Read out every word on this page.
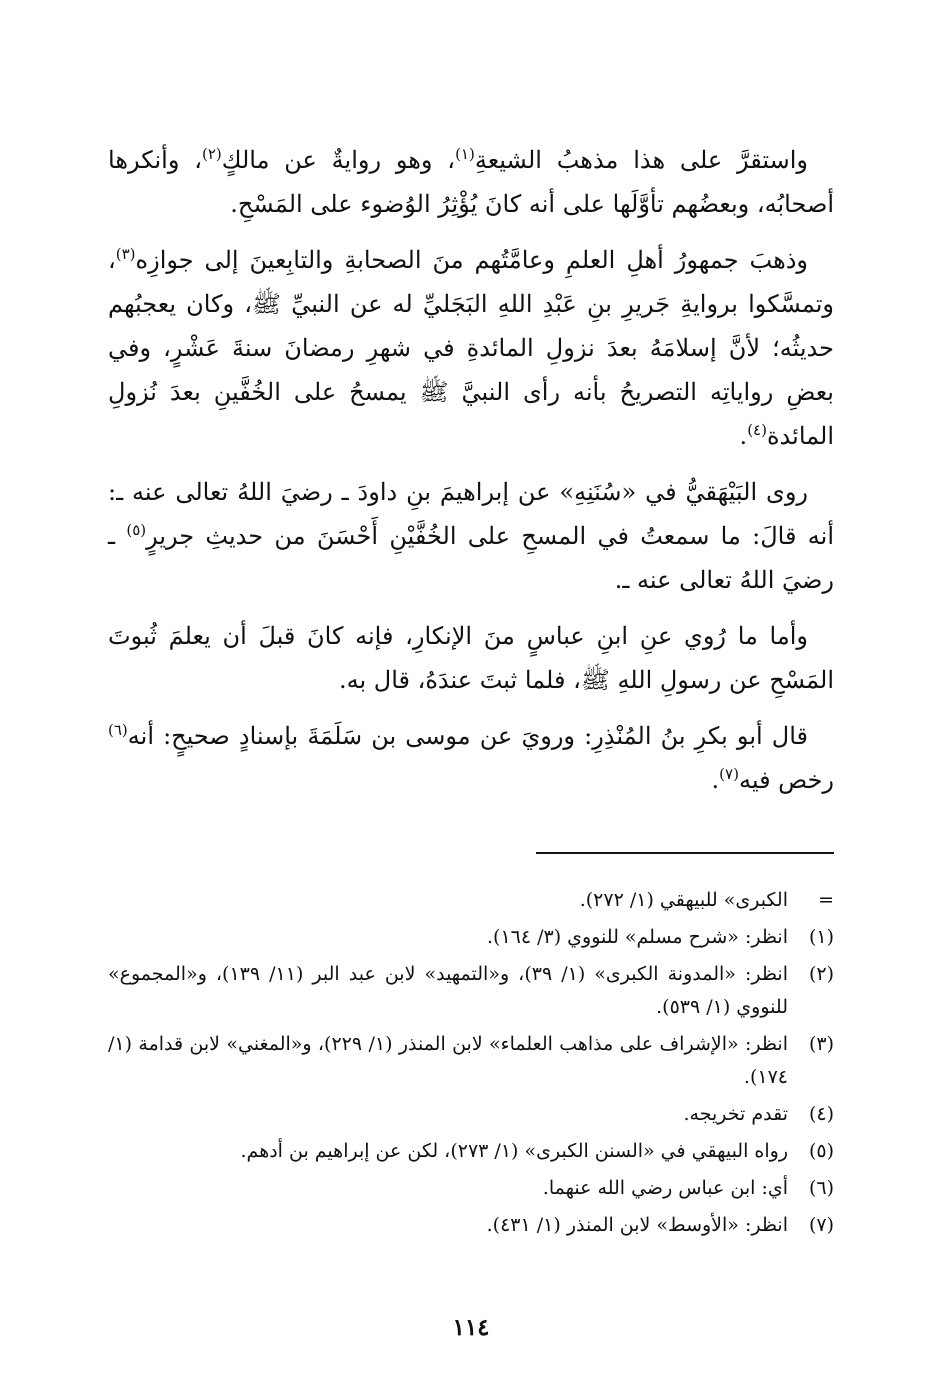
واستقرَّ على هذا مذهبُ الشيعةِ$^{(١)}$، وهو روايةٌ عن مالكٍ$^{(٢)}$، وأنكرها أصحابُه، وبعضُهم تأوَّلَها على أنه كانَ يُؤْثِرُ الوُضوء على المَسْحِ.

وذهبَ جمهورُ أهلِ العلمِ وعامَّتُهم منَ الصحابةِ والتابِعينَ إلى جوازِه$^{(٣)}$، وتمسَّكوا بروايةِ جَريرِ بنِ عَبْدِ اللهِ البَجَليِّ له عن النبيِّ ﷺ، وكان يعجبُهم حديثُه؛ لأنَّ إسلامَهُ بعدَ نزولِ المائدةِ في شهرِ رمضانَ سنةَ عَشْرٍ، وفي بعضِ رواياتِه التصريحُ بأنه رأى النبيَّ ﷺ يمسحُ على الخُفَّينِ بعدَ نُزولِ المائدة$^{(٤)}$.

روى البَيْهَقيُّ في «سُنَنِهِ» عن إبراهيمَ بنِ داودَ ـ رضيَ اللهُ تعالى عنه ـ: أنه قالَ: ما سمعتُ في المسحِ على الخُفَّيْنِ أَحْسَنَ من حديثِ جريرٍ$^{(٥)}$ ـ رضيَ اللهُ تعالى عنه ـ.

وأما ما رُوي عنِ ابنِ عباسٍ منَ الإنكارِ، فإنه كانَ قبلَ أن يعلمَ ثُبوتَ المَسْحِ عن رسولِ اللهِ ﷺ، فلما ثبتَ عندَهُ، قال به.

قال أبو بكرِ بنُ المُنْذِرِ: ورويَ عن موسى بن سَلَمَةَ بإسنادٍ صحيحٍ: أنه$^{(٦)}$ رخص فيه$^{(٧)}$.

=
الكبرى» للبيهقي (١/ ٢٧٢).
(١)
انظر: «شرح مسلم» للنووي (٣/ ١٦٤).
(٢)
انظر: «المدونة الكبرى» (١/ ٣٩)، و«التمهيد» لابن عبد البر (١١/ ١٣٩)، و«المجموع» للنووي (١/ ٥٣٩).
(٣)
انظر: «الإشراف على مذاهب العلماء» لابن المنذر (١/ ٢٢٩)، و«المغني» لابن قدامة (١/ ١٧٤).
(٤)
تقدم تخريجه.
(٥)
رواه البيهقي في «السنن الكبرى» (١/ ٢٧٣)، لكن عن إبراهيم بن أدهم.
(٦)
أي: ابن عباس رضي الله عنهما.
(٧)
انظر: «الأوسط» لابن المنذر (١/ ٤٣١).
١١٤
